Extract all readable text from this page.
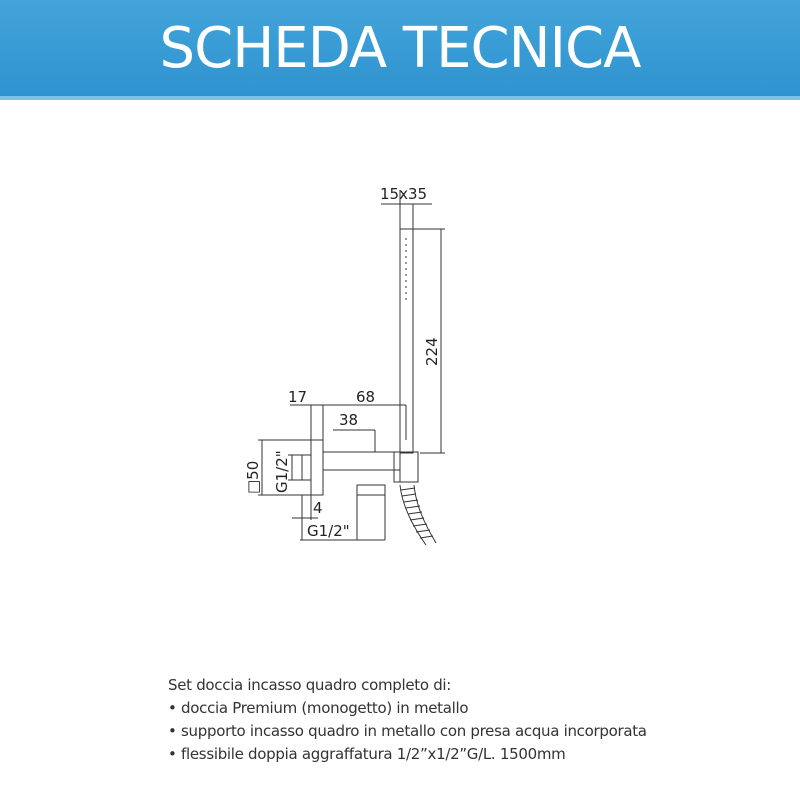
SCHEDA TECNICA
15x35
224
17	68
38
□50 G1/2"
4
G1/2"
Set doccia incasso quadro completo di:
• doccia Premium (monogetto) in metallo
• supporto incasso quadro in metallo con presa acqua incorporata
• flessibile doppia aggraffatura 1/2”x1/2”G/L. 1500mm
